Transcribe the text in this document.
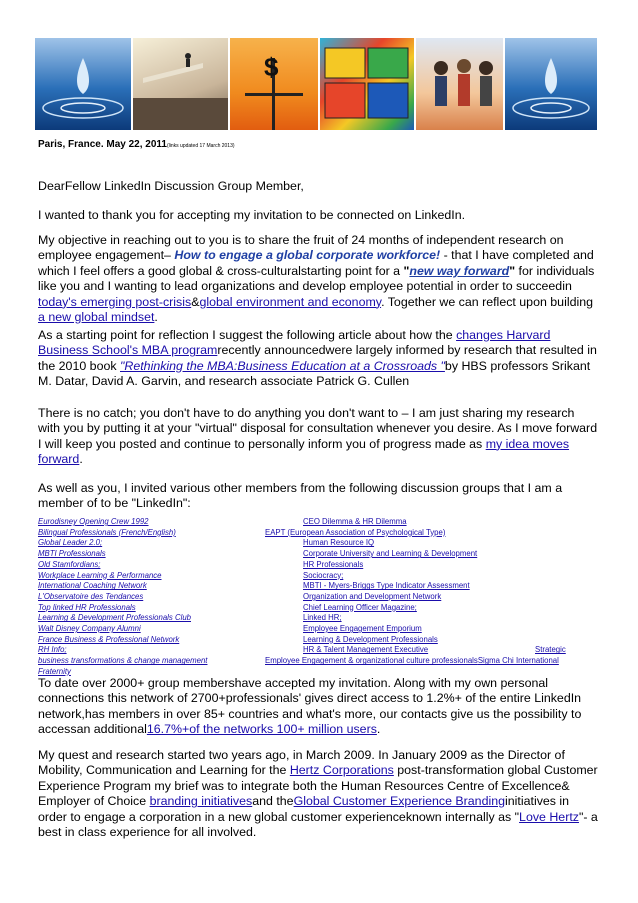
$
Paris, France. May 22, 2011(links updated 17 March 2013)

DearFellow LinkedIn Discussion Group Member,

I wanted to thank you for accepting my invitation to be connected on LinkedIn.

My objective in reaching out to you is to share the fruit of 24 months of independent research on employee engagement– How to engage a global corporate workforce! - that I have completed and which I feel offers a good global & cross-culturalstarting point for a "new way forward" for individuals like you and I wanting to lead organizations and develop employee potential in order to succeedin today's emerging post-crisis&global environment and economy. Together we can reflect upon building a new global mindset.

As a starting point for reflection I suggest the following article about how the changes Harvard Business School's MBA programrecently announcedwere largely informed by research that resulted in the 2010 book "Rethinking the MBA:Business Education at a Crossroads "by HBS professors Srikant M. Datar, David A. Garvin, and research associate Patrick G. Cullen

There is no catch; you don't have to do anything you don't want to – I am just sharing my research with you by putting it at your "virtual" disposal for consultation whenever you desire. As I move forward I will keep you posted and continue to personally inform you of progress made as my idea moves forward.

As well as you, I invited various other members from the following discussion groups that I am a member of to be "LinkedIn":

Eurodisney Opening Crew 1992
Bilingual Professionals (French/English)
Global Leader 2.0;
MBTI Professionals
Old Stamfordians;
Workplace Learning & Performance
International Coaching Network
L'Observatoire des Tendances
Top linked HR Professionals
Learning & Development Professionals Club
Walt Disney Company Alumni
France Business & Professional Network
RH Info;
business transformations & change management
Fraternity
CEO Dilemma & HR Dilemma
EAPT (European Association of Psychological Type)
Human Resource IQ
Corporate University and Learning & Development
HR Professionals
Sociocracy;
MBTI - Myers-Briggs Type Indicator Assessment
Organization and Development Network
Chief Learning Officer Magazine;
Linked HR;
Employee Engagement Emporium
Learning & Development Professionals
HR & Talent Management Executive	Strategic
Employee Engagement & organizational culture professionalsSigma Chi International

To date over 2000+ group membershave accepted my invitation. Along with my own personal connections this network of 2700+professionals' gives direct access to 1.2%+ of the entire LinkedIn network,has members in over 85+ countries and what's more, our contacts give us the possibility to accessan additional16.7%+of the networks 100+ million users.

My quest and research started two years ago, in March 2009. In January 2009 as the Director of Mobility, Communication and Learning for the Hertz Corporations post-transformation global Customer Experience Program my brief was to integrate both the Human Resources Centre of Excellence& Employer of Choice branding initiativesand theGlobal Customer Experience Brandinginitiatives in order to engage a corporation in a new global customer experienceknown internally as "Love Hertz"- a best in class experience for all involved.
